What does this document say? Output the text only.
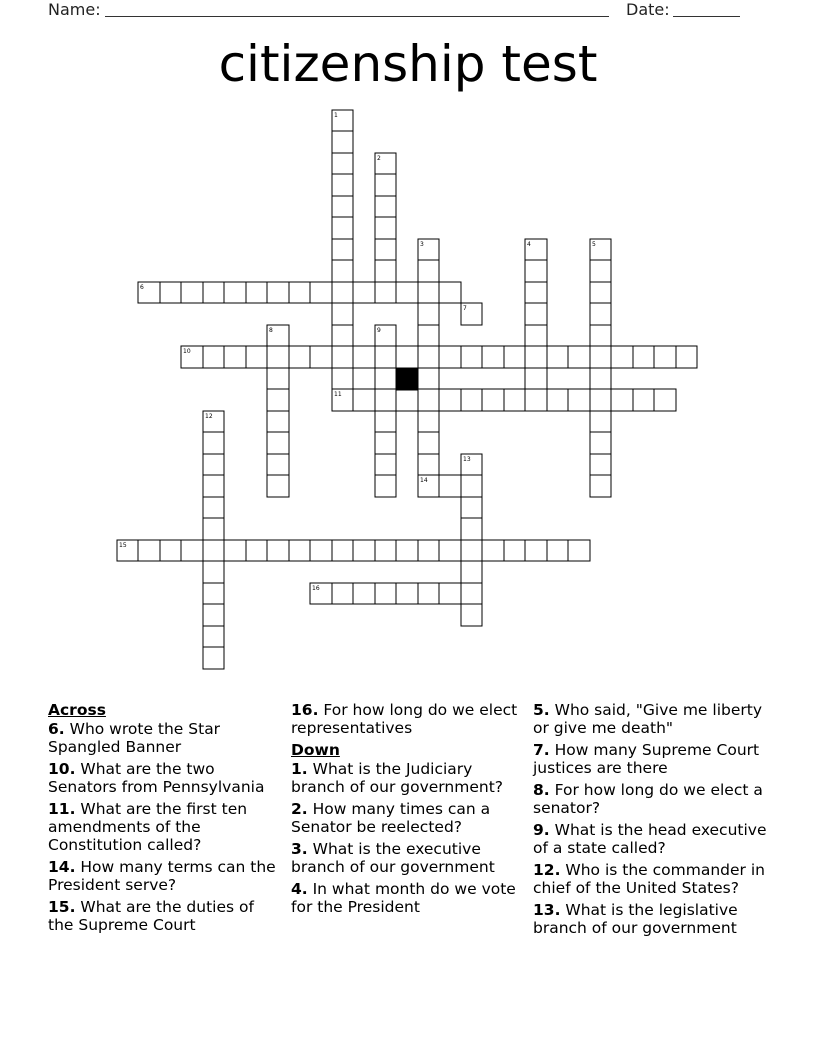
Name:	Date:
citizenship test
1
2
3	4	5
6
7
8	9
10
11
12
13
14
15
16
Across
6. Who wrote the Star Spangled Banner
10. What are the two Senators from Pennsylvania
11. What are the first ten amendments of the Constitution called?
14. How many terms can the President serve?
15. What are the duties of the Supreme Court
16. For how long do we elect representatives
Down
1. What is the Judiciary branch of our government?
2. How many times can a Senator be reelected?
3. What is the executive branch of our government
4. In what month do we vote for the President
5. Who said, "Give me liberty or give me death"
7. How many Supreme Court justices are there
8. For how long do we elect a senator?
9. What is the head executive of a state called?
12. Who is the commander in chief of the United States?
13. What is the legislative branch of our government
